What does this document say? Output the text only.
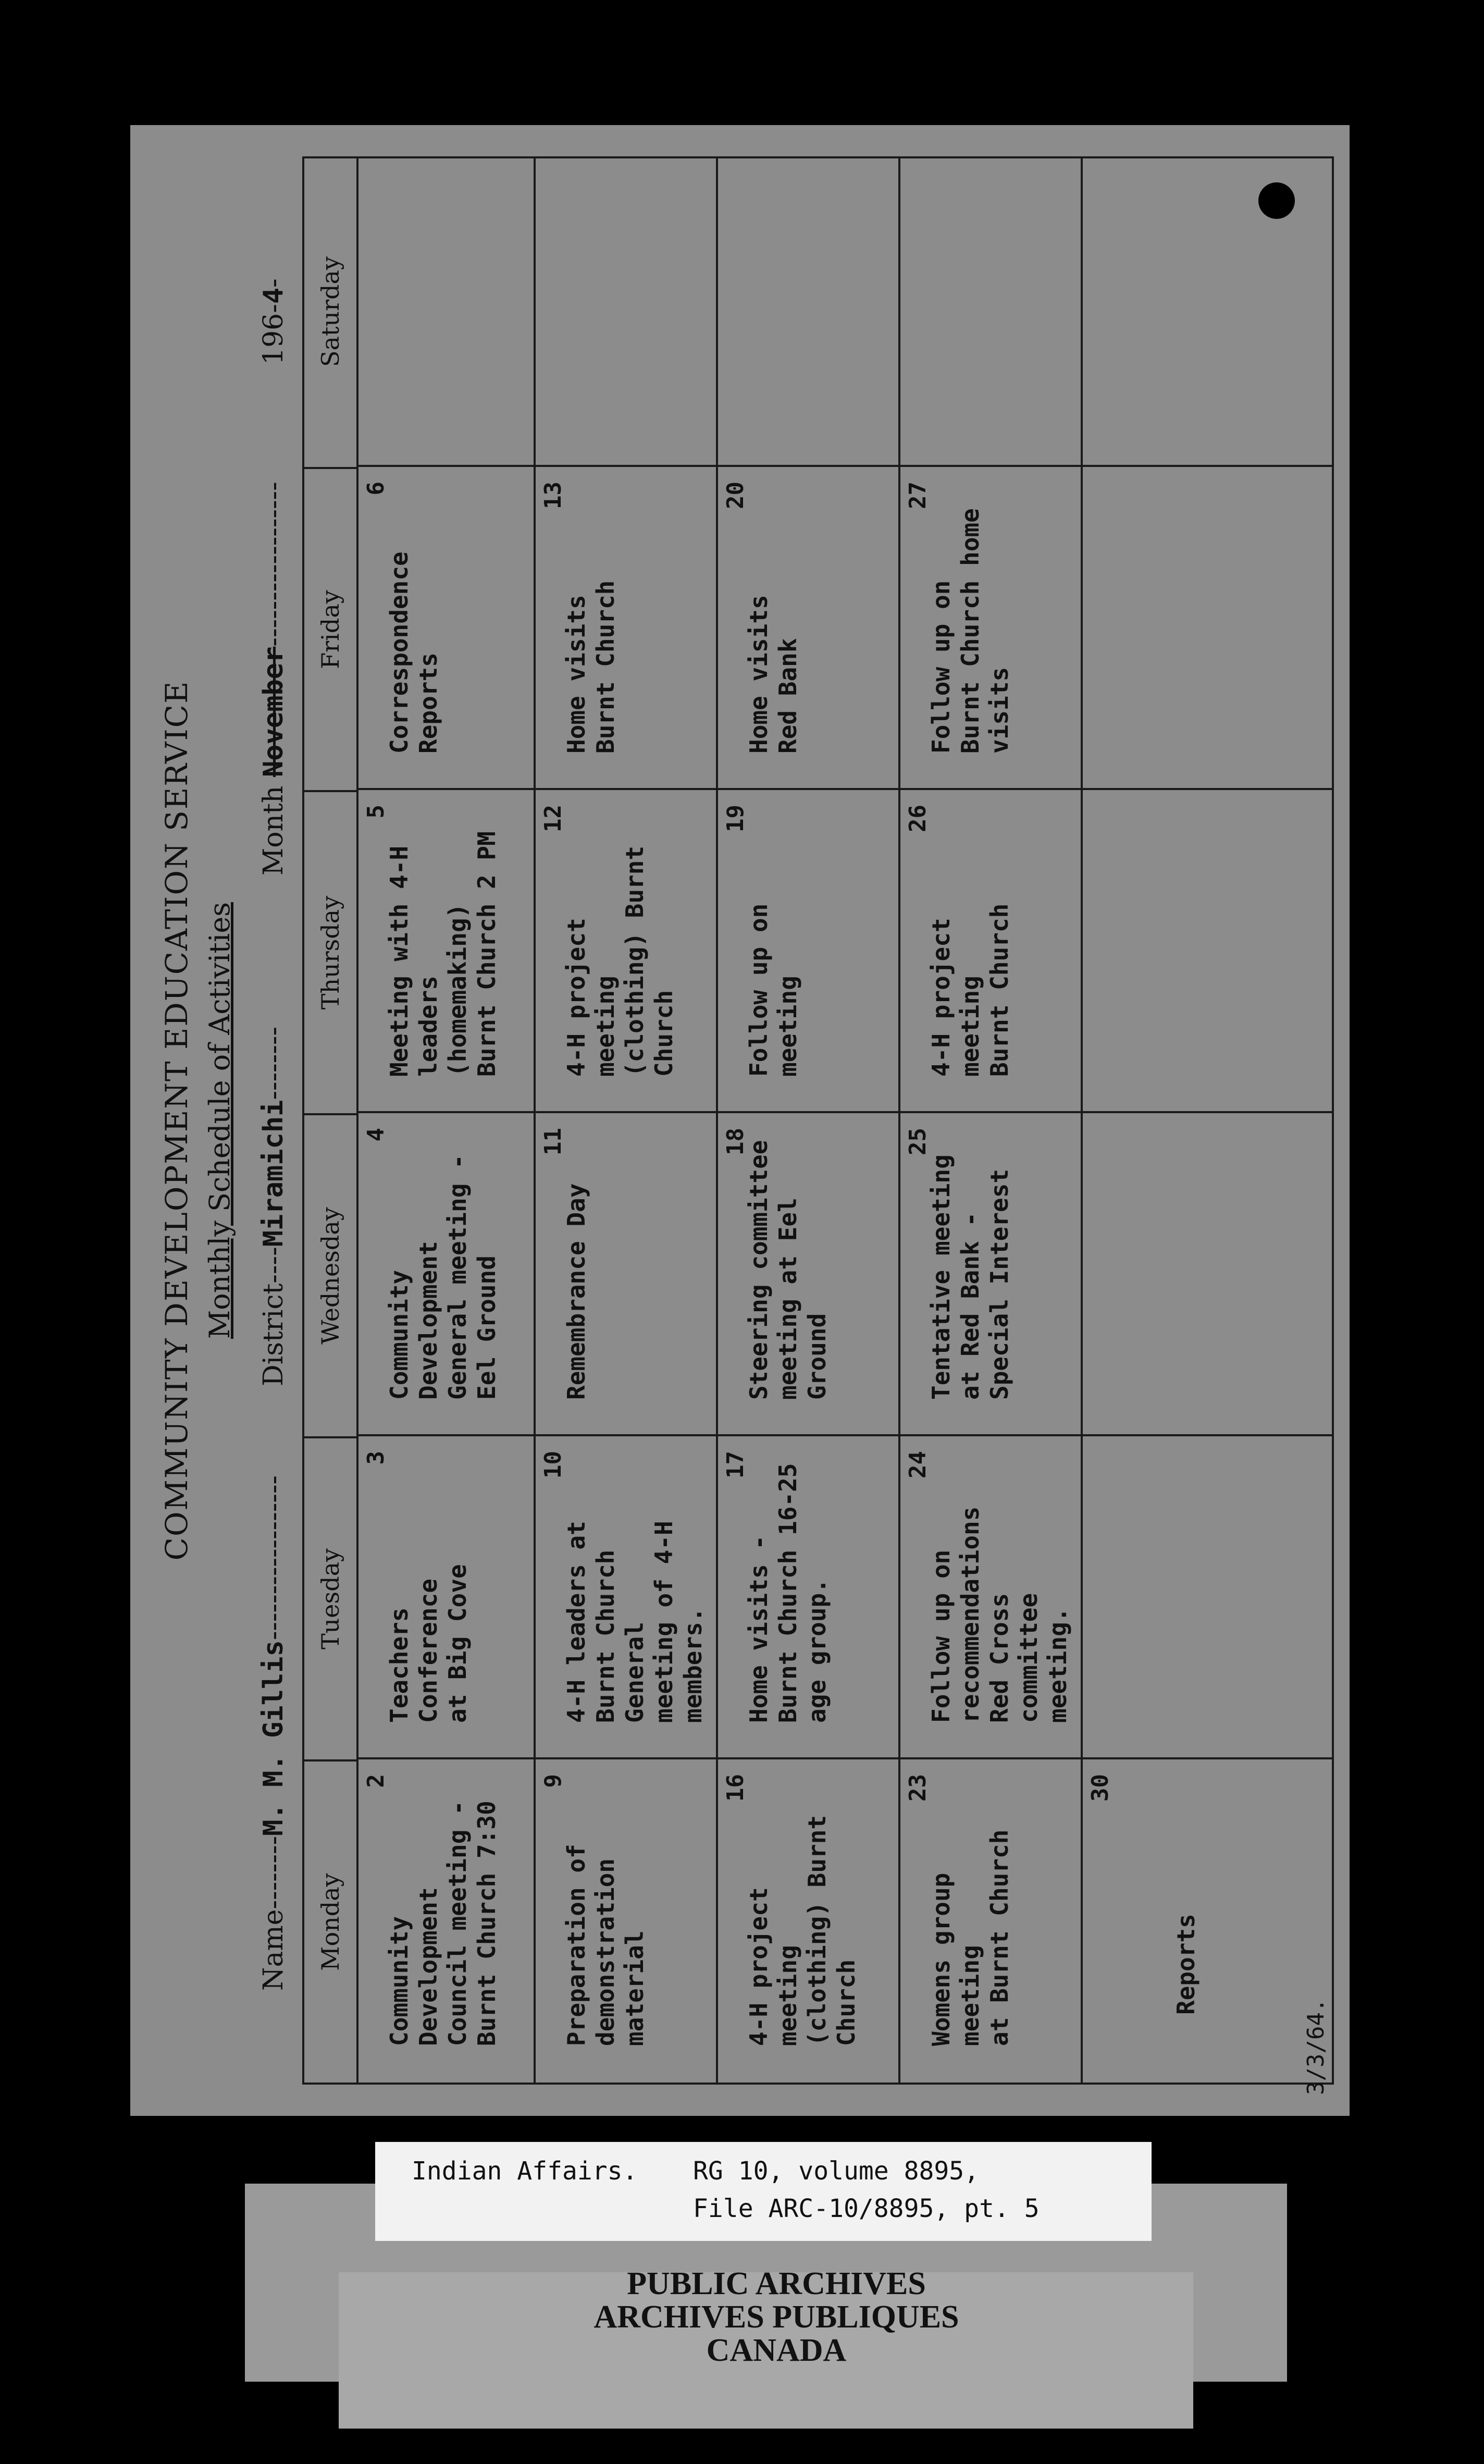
COMMUNITY DEVELOPMENT EDUCATION SERVICE Monthly Schedule of Activities
Name--------M. M. Gillis------------------
District----Miramichi--------
Month November------------------
196-4-
Monday
Tuesday
Wednesday
Thursday
Friday
Saturday
2
Community Development
Council meeting -
Burnt Church 7:30
3
Teachers Conference
at Big Cove
4
Community Development
General meeting -
Eel Ground
5
Meeting with 4-H
leaders (homemaking)
Burnt Church 2 PM
6
Correspondence
Reports
9
Preparation of
demonstration material
10
4-H leaders at
Burnt Church General
meeting of 4-H
members.
11
Remembrance Day
12
4-H project meeting
(clothing) Burnt
Church
13
Home visits
Burnt Church
16
4-H project meeting
(clothing) Burnt
Church
17
Home visits -
Burnt Church 16-25
age group.
18
Steering committee
meeting at Eel
Ground
19
Follow up on
meeting
20
Home visits
Red Bank
23
Womens group meeting
at Burnt Church
24
Follow up on
recommendations
Red Cross committee
meeting.
25
Tentative meeting
at Red Bank -
Special Interest
26
4-H project meeting
Burnt Church
27
Follow up on
Burnt Church home
visits
30
Reports
3/3/64.
PUBLIC ARCHIVES
ARCHIVES PUBLIQUES
CANADA
Indian Affairs. RG 10, volume 8895,
File ARC-10/8895, pt. 5
